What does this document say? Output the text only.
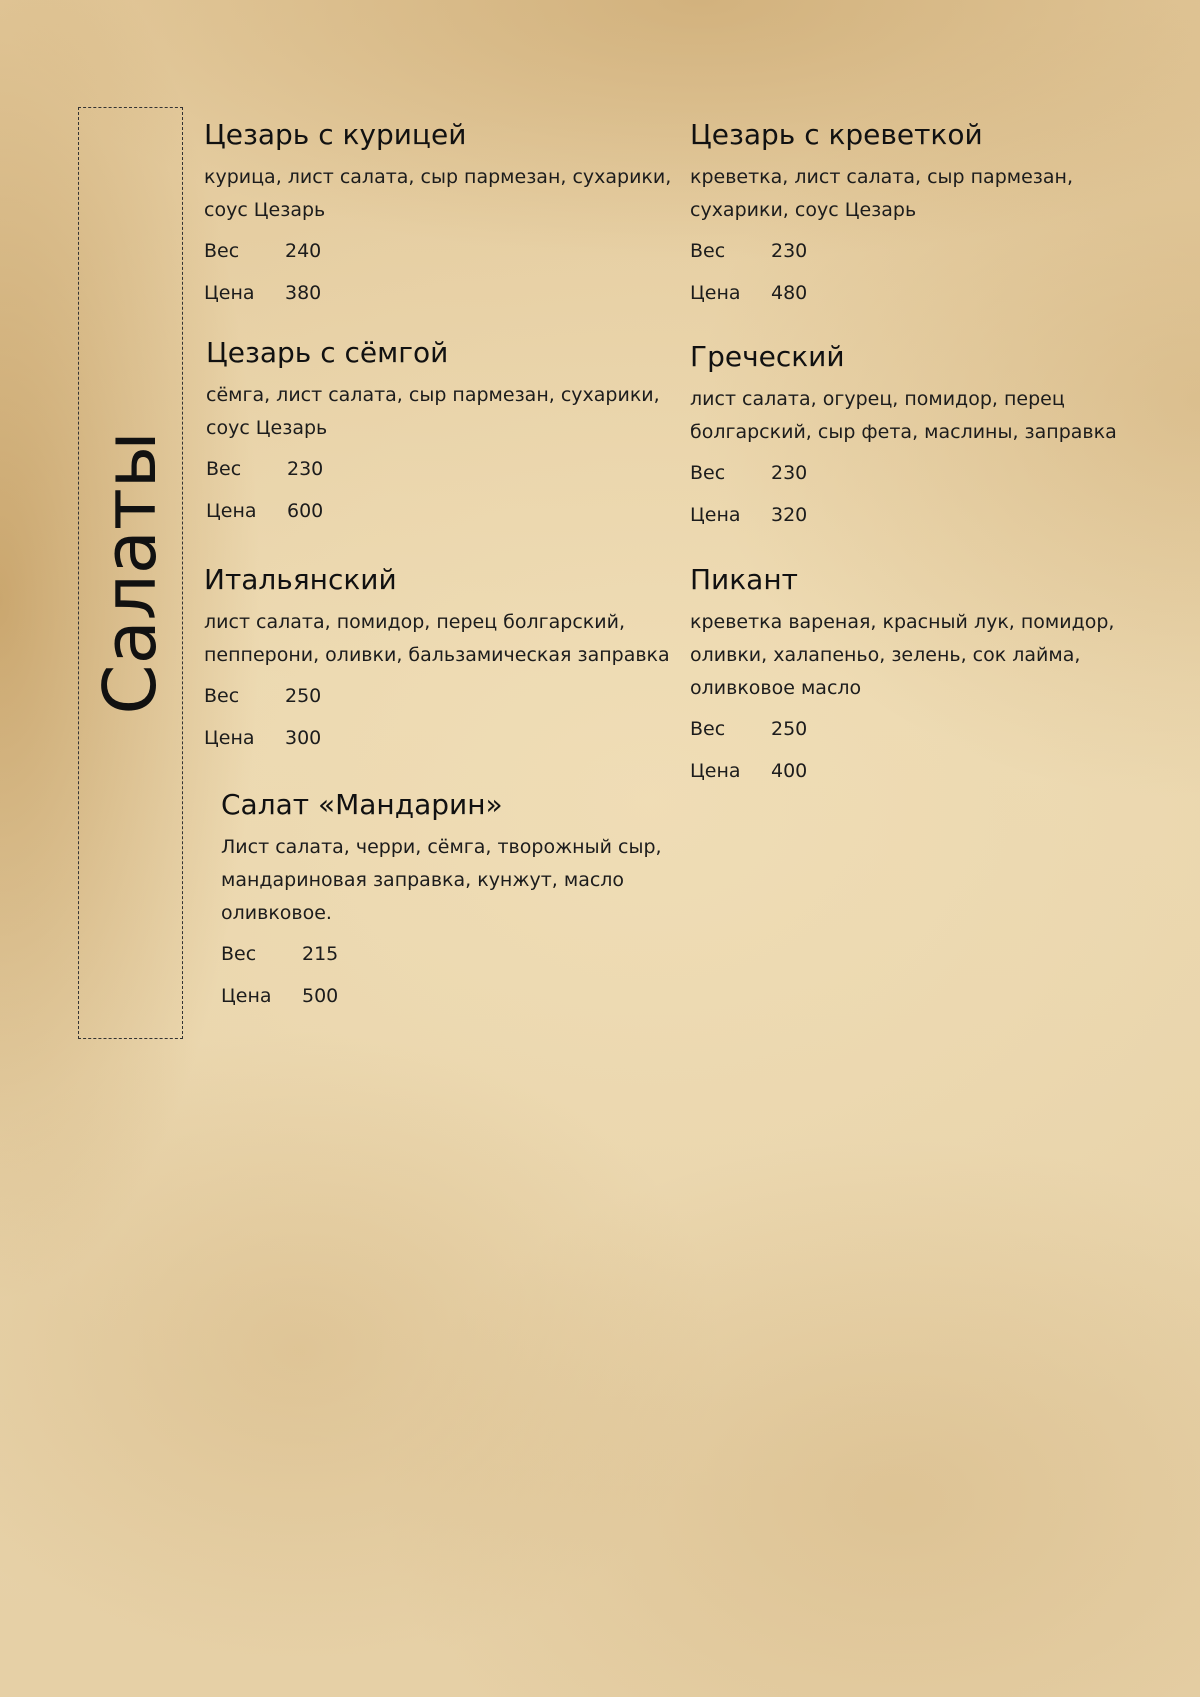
Салаты

Цезарь с курицей

курица, лист салата, сыр пармезан, сухарики, соус Цезарь

Вес 240

Цена 380

Цезарь с креветкой

креветка, лист салата, сыр пармезан, сухарики, соус Цезарь

Вес 230

Цена 480

Цезарь с сёмгой

сёмга, лист салата, сыр пармезан, сухарики, соус Цезарь

Вес 230

Цена 600

Греческий

лист салата, огурец, помидор, перец болгарский, сыр фета, маслины, заправка

Вес 230

Цена 320

Итальянский

лист салата, помидор, перец болгарский, пепперони, оливки, бальзамическая заправка

Вес 250

Цена 300

Пикант

креветка вареная, красный лук, помидор, оливки, халапеньо, зелень, сок лайма, оливковое масло

Вес 250

Цена 400

Салат «Мандарин»

Лист салата, черри, сёмга, творожный сыр, мандариновая заправка, кунжут, масло оливковое.

Вес 215

Цена 500
